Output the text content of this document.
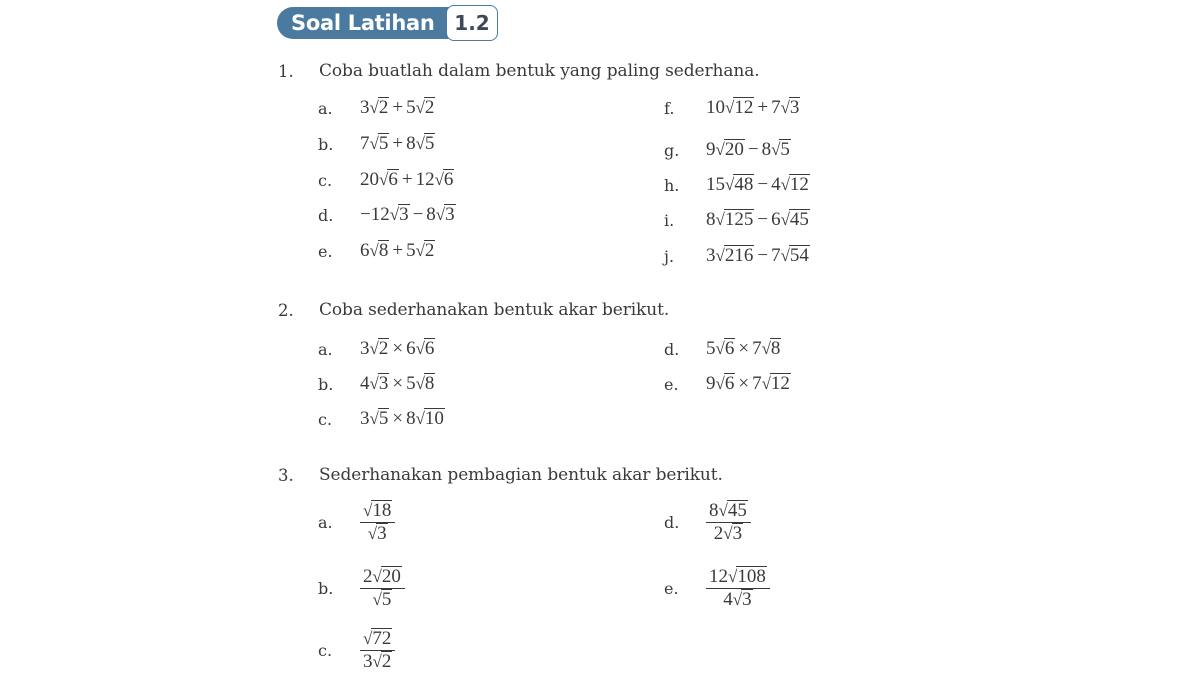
Soal Latihan 1.2
1. Coba buatlah dalam bentuk yang paling sederhana.
a.	3 √ 2 + 5 √ 2
b.	7 √ 5 + 8 √ 5
c.	20 √ 6 + 12 √ 6
d.	−12 √ 3 − 8 √ 3
e.	6 √ 8 + 5 √ 2
f.	10 √ 12 + 7 √ 3
g.	9 √ 20 − 8 √ 5
h.	15 √ 48 − 4 √ 12
i.	8 √ 125 − 6 √ 45
j.	3 √ 216 − 7 √ 54
2. Coba sederhanakan bentuk akar berikut.
a.	3 √ 2 × 6 √ 6
b.	4 √ 3 × 5 √ 8
c.	3 √ 5 × 8 √ 10
d.	5 √ 6 × 7 √ 8
e.	9 √ 6 × 7 √ 12
3. Sederhanakan pembagian bentuk akar berikut.
a.	$\frac{√ 18}{√ 3}$
b.	$\frac{2 √ 20}{√ 5}$
c.	$\frac{√ 72}{3 √ 2}$
d.	$\frac{8 √ 45}{2 √ 3}$
e.	$\frac{12 √ 108}{4 √ 3}$
